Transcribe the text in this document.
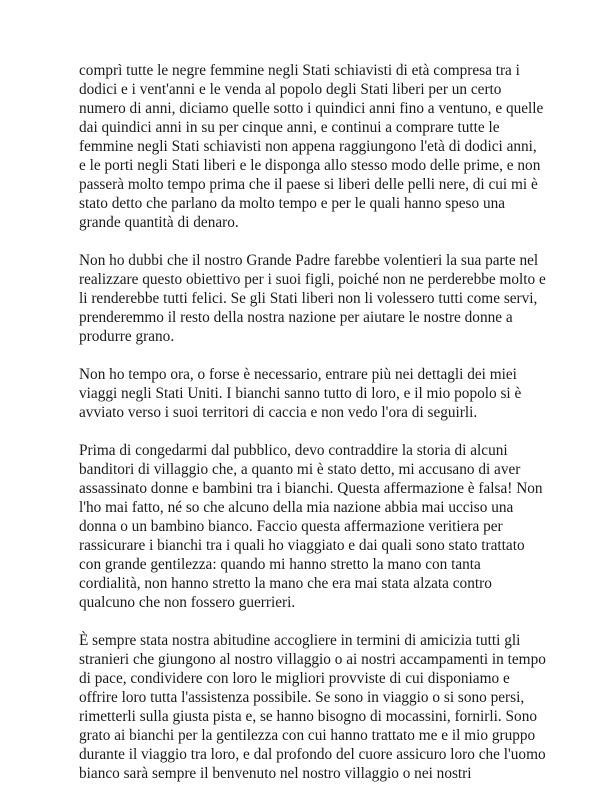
comprì tutte le negre femmine negli Stati schiavisti di età compresa tra i
dodici e i vent'anni e le venda al popolo degli Stati liberi per un certo
numero di anni, diciamo quelle sotto i quindici anni fino a ventuno, e quelle
dai quindici anni in su per cinque anni, e continui a comprare tutte le
femmine negli Stati schiavisti non appena raggiungono l'età di dodici anni,
e le porti negli Stati liberi e le disponga allo stesso modo delle prime, e non
passerà molto tempo prima che il paese si liberi delle pelli nere, di cui mi è
stato detto che parlano da molto tempo e per le quali hanno speso una
grande quantità di denaro.

Non ho dubbi che il nostro Grande Padre farebbe volentieri la sua parte nel
realizzare questo obiettivo per i suoi figli, poiché non ne perderebbe molto e
li renderebbe tutti felici. Se gli Stati liberi non li volessero tutti come servi,
prenderemmo il resto della nostra nazione per aiutare le nostre donne a
produrre grano.

Non ho tempo ora, o forse è necessario, entrare più nei dettagli dei miei
viaggi negli Stati Uniti. I bianchi sanno tutto di loro, e il mio popolo si è
avviato verso i suoi territori di caccia e non vedo l'ora di seguirli.

Prima di congedarmi dal pubblico, devo contraddire la storia di alcuni
banditori di villaggio che, a quanto mi è stato detto, mi accusano di aver
assassinato donne e bambini tra i bianchi. Questa affermazione è falsa! Non
l'ho mai fatto, né so che alcuno della mia nazione abbia mai ucciso una
donna o un bambino bianco. Faccio questa affermazione veritiera per
rassicurare i bianchi tra i quali ho viaggiato e dai quali sono stato trattato
con grande gentilezza: quando mi hanno stretto la mano con tanta
cordialità, non hanno stretto la mano che era mai stata alzata contro
qualcuno che non fossero guerrieri.

È sempre stata nostra abitudine accogliere in termini di amicizia tutti gli
stranieri che giungono al nostro villaggio o ai nostri accampamenti in tempo
di pace, condividere con loro le migliori provviste di cui disponiamo e
offrire loro tutta l'assistenza possibile. Se sono in viaggio o si sono persi,
rimetterli sulla giusta pista e, se hanno bisogno di mocassini, fornirli. Sono
grato ai bianchi per la gentilezza con cui hanno trattato me e il mio gruppo
durante il viaggio tra loro, e dal profondo del cuore assicuro loro che l'uomo
bianco sarà sempre il benvenuto nel nostro villaggio o nei nostri
